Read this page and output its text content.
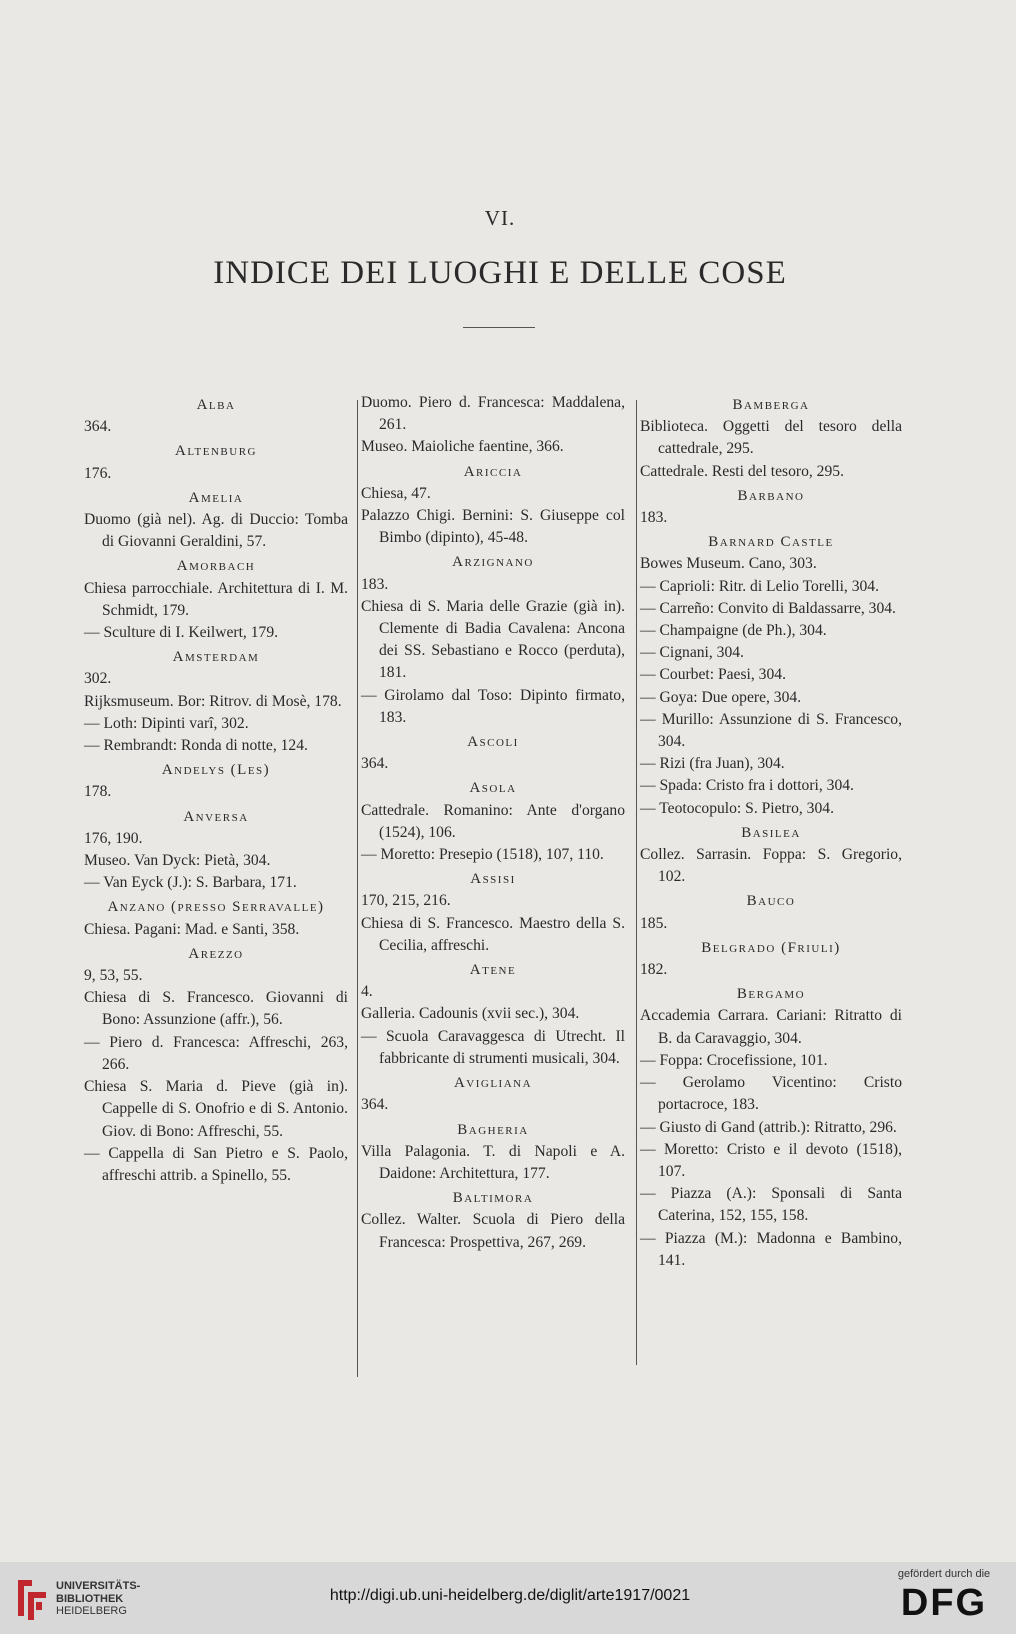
VI.
INDICE DEI LUOGHI E DELLE COSE
Alba
364.
Altenburg
176.
Amelia
Duomo (già nel). Ag. di Duccio: Tomba di Giovanni Geraldini, 57.
Amorbach
Chiesa parrocchiale. Architettura di I. M. Schmidt, 179.
— Sculture di I. Keilwert, 179.
Amsterdam
302.
Rijksmuseum. Bor: Ritrov. di Mosè, 178.
— Loth: Dipinti varî, 302.
— Rembrandt: Ronda di notte, 124.
Andelys (Les)
178.
Anversa
176, 190.
Museo. Van Dyck: Pietà, 304.
— Van Eyck (J.): S. Barbara, 171.
Anzano (presso Serravalle)
Chiesa. Pagani: Mad. e Santi, 358.
Arezzo
9, 53, 55.
Chiesa di S. Francesco. Giovanni di Bono: Assunzione (affr.), 56.
— Piero d. Francesca: Affreschi, 263, 266.
Chiesa S. Maria d. Pieve (già in). Cappelle di S. Onofrio e di S. Antonio. Giov. di Bono: Affreschi, 55.
— Cappella di San Pietro e S. Paolo, affreschi attrib. a Spinello, 55.
Duomo. Piero d. Francesca: Maddalena, 261.
Museo. Maioliche faentine, 366.
Ariccia
Chiesa, 47.
Palazzo Chigi. Bernini: S. Giuseppe col Bimbo (dipinto), 45-48.
Arzignano
183.
Chiesa di S. Maria delle Grazie (già in). Clemente di Badia Cavalena: Ancona dei SS. Sebastiano e Rocco (perduta), 181.
— Girolamo dal Toso: Dipinto firmato, 183.
Ascoli
364.
Asola
Cattedrale. Romanino: Ante d'organo (1524), 106.
— Moretto: Presepio (1518), 107, 110.
Assisi
170, 215, 216.
Chiesa di S. Francesco. Maestro della S. Cecilia, affreschi.
Atene
4.
Galleria. Cadounis (xvii sec.), 304.
— Scuola Caravaggesca di Utrecht. Il fabbricante di strumenti musicali, 304.
Avigliana
364.
Bagheria
Villa Palagonia. T. di Napoli e A. Daidone: Architettura, 177.
Baltimora
Collez. Walter. Scuola di Piero della Francesca: Prospettiva, 267, 269.
Bamberga
Biblioteca. Oggetti del tesoro della cattedrale, 295.
Cattedrale. Resti del tesoro, 295.
Barbano
183.
Barnard Castle
Bowes Museum. Cano, 303.
— Caprioli: Ritr. di Lelio Torelli, 304.
— Carreño: Convito di Baldassarre, 304.
— Champaigne (de Ph.), 304.
— Cignani, 304.
— Courbet: Paesi, 304.
— Goya: Due opere, 304.
— Murillo: Assunzione di S. Francesco, 304.
— Rizi (fra Juan), 304.
— Spada: Cristo fra i dottori, 304.
— Teotocopulo: S. Pietro, 304.
Basilea
Collez. Sarrasin. Foppa: S. Gregorio, 102.
Bauco
185.
Belgrado (Friuli)
182.
Bergamo
Accademia Carrara. Cariani: Ritratto di B. da Caravaggio, 304.
— Foppa: Crocefissione, 101.
— Gerolamo Vicentino: Cristo portacroce, 183.
— Giusto di Gand (attrib.): Ritratto, 296.
— Moretto: Cristo e il devoto (1518), 107.
— Piazza (A.): Sponsali di Santa Caterina, 152, 155, 158.
— Piazza (M.): Madonna e Bambino, 141.
UNIVERSITÄTS-
BIBLIOTHEK
HEIDELBERG
http://digi.ub.uni-heidelberg.de/diglit/arte1917/0021
gefördert durch die
DFG
